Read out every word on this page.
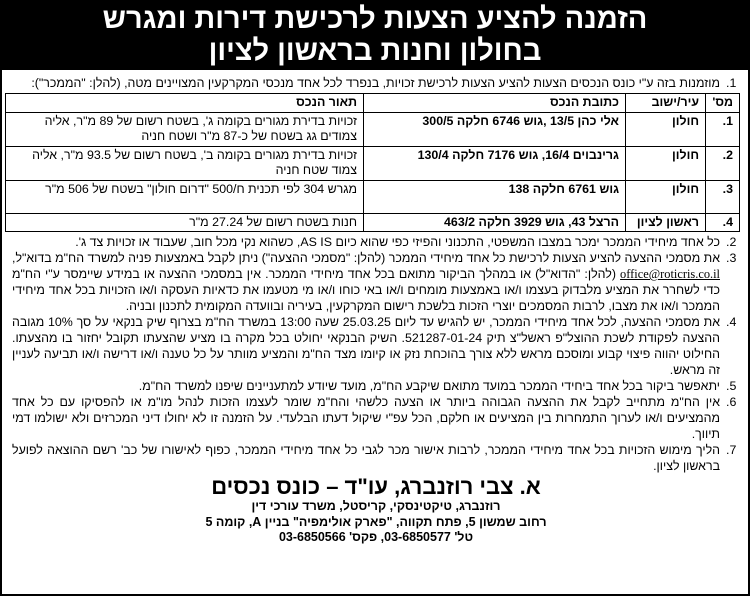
הזמנה להציע הצעות לרכישת דירות ומגרש
בחולון וחנות בראשון לציון
1.
מוזמנות בזה ע"י כונס הנכסים הצעות להציע הצעות לרכישת זכויות, בנפרד לכל אחד מנכסי המקרקעין המצויינים מטה, (להלן: "הממכר"):
מס'	עיר/ישוב	כתובת הנכס	תאור הנכס
1.	חולון	אלי כהן 13/5 ,גוש 6746 חלקה 300/5	זכויות בדירת מגורים בקומה ג', בשטח רשום של 89 מ"ר, אליה צמודים גג בשטח של כ-87 מ"ר ושטח חניה
2.	חולון	גרינבוים 16/4, גוש 7176 חלקה 130/4	זכויות בדירת מגורים בקומה ב', בשטח רשום של 93.5 מ"ר, אליה צמוד שטח חניה
3.	חולון	גוש 6761 חלקה 138	מגרש 304 לפי תכנית ח/500 "דרום חולון" בשטח של 506 מ"ר
4.	ראשון לציון	הרצל 43, גוש 3929 חלקה 463/2	חנות בשטח רשום של 27.24 מ"ר
2.
כל אחד מיחידי הממכר ימכר במצבו המשפטי, התכנוני והפיזי כפי שהוא כיום AS IS, כשהוא נקי מכל חוב, שעבוד או זכויות צד ג'.
3.
את מסמכי ההצעה להציע הצעות לרכישת כל אחד מיחידי הממכר (להלן: "מסמכי ההצעה") ניתן לקבל באמצעות פניה למשרד הח"מ בדוא"ל, office@roticris.co.il (להלן: "הדוא"ל) או במהלך הביקור מתואם בכל אחד מיחידי הממכר. אין במסמכי ההצעה או במידע שיימסר ע"י הח"מ כדי לשחרר את המציע מלבדוק בעצמו ו/או באמצעות מומחים ו/או באי כוחו ו/או מי מטעמו את כדאיות העסקה ו/או הזכויות בכל אחד מיחידי הממכר ו/או את מצבו, לרבות המסמכים יוצרי הזכות בלשכת רישום המקרקעין, בעיריה ובוועדה המקומית לתכנון ובניה.
4.
את מסמכי ההצעה, לכל אחד מיחידי הממכר, יש להגיש עד ליום 25.03.25 שעה 13:00 במשרד הח"מ בצרוף שיק בנקאי על סך 10% מגובה ההצעה לפקודת לשכת ההוצל"פ ראשל"צ תיק 521287-01-24. השיק הבנקאי יחולט בכל מקרה בו מציע שהצעתו תקובל יחזור בו מהצעתו. החילוט יהווה פיצוי קבוע ומוסכם מראש ללא צורך בהוכחת נזק או קיומו מצד הח"מ והמציע מוותר על כל טענה ו/או דרישה ו/או תביעה לעניין זה מראש.
5.
יתאפשר ביקור בכל אחד ביחידי הממכר במועד מתואם שיקבע הח"מ, מועד שיודע למתעניינים שיפנו למשרד הח"מ.
6.
אין הח"מ מתחייב לקבל את ההצעה הגבוהה ביותר או הצעה כלשהי והח"מ שומר לעצמו הזכות לנהל מו"מ או להפסיקו עם כל אחד מהמציעים ו/או לערוך התמחרות בין המציעים או חלקם, הכל עפ"י שיקול דעתו הבלעדי. על הזמנה זו לא יחולו דיני המכרזים ולא ישולמו דמי תיווך.
7.
הליך מימוש הזכויות בכל אחד מיחידי הממכר, לרבות אישור מכר לגבי כל אחד מיחידי הממכר, כפוף לאישורו של כב' רשם ההוצאה לפועל בראשון לציון.
א. צבי רוזנברג, עו"ד – כונס נכסים
רוזנברג, טיקטינסקי, קריסטל, משרד עורכי דין
רחוב שמשון 5, פתח תקווה, "פארק אולימפיה" בניין A, קומה 5
טל' 03-6850577, פקס' 03-6850566
